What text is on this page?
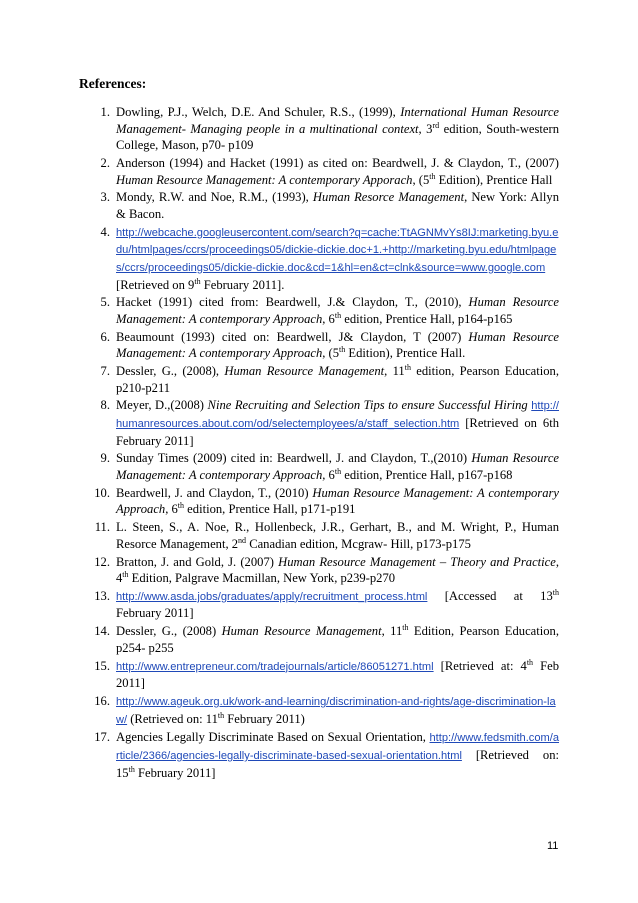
References:
1. Dowling, P.J., Welch, D.E. And Schuler, R.S., (1999), International Human Resource Management- Managing people in a multinational context, 3rd edition, South-western College, Mason, p70- p109
2. Anderson (1994) and Hacket (1991) as cited on: Beardwell, J. & Claydon, T., (2007) Human Resource Management: A contemporary Apporach, (5th Edition), Prentice Hall
3. Mondy, R.W. and Noe, R.M., (1993), Human Resorce Management, New York: Allyn & Bacon.
4. http://webcache.googleusercontent.com/search?q=cache:TtAGNMvYs8IJ:marketing.byu.edu/htmlpages/ccrs/proceedings05/dickie-dickie.doc+1.+http://marketing.byu.edu/htmlpages/ccrs/proceedings05/dickie-dickie.doc&cd=1&hl=en&ct=clnk&source=www.google.com [Retrieved on 9th February 2011].
5. Hacket (1991) cited from: Beardwell, J.& Claydon, T., (2010), Human Resource Management: A contemporary Approach, 6th edition, Prentice Hall, p164-p165
6. Beaumount (1993) cited on: Beardwell, J& Claydon, T (2007) Human Resource Management: A contemporary Approach, (5th Edition), Prentice Hall.
7. Dessler, G., (2008), Human Resource Management, 11th edition, Pearson Education, p210-p211
8. Meyer, D.,(2008) Nine Recruiting and Selection Tips to ensure Successful Hiring http://humanresources.about.com/od/selectemployees/a/staff_selection.htm [Retrieved on 6th February 2011]
9. Sunday Times (2009) cited in: Beardwell, J. and Claydon, T.,(2010) Human Resource Management: A contemporary Approach, 6th edition, Prentice Hall, p167-p168
10. Beardwell, J. and Claydon, T., (2010) Human Resource Management: A contemporary Approach, 6th edition, Prentice Hall, p171-p191
11. L. Steen, S., A. Noe, R., Hollenbeck, J.R., Gerhart, B., and M. Wright, P., Human Resorce Management, 2nd Canadian edition, Mcgraw- Hill, p173-p175
12. Bratton, J. and Gold, J. (2007) Human Resource Management – Theory and Practice, 4th Edition, Palgrave Macmillan, New York, p239-p270
13. http://www.asda.jobs/graduates/apply/recruitment_process.html [Accessed at 13th February 2011]
14. Dessler, G., (2008) Human Resource Management, 11th Edition, Pearson Education, p254- p255
15. http://www.entrepreneur.com/tradejournals/article/86051271.html [Retrieved at: 4th Feb 2011]
16. http://www.ageuk.org.uk/work-and-learning/discrimination-and-rights/age-discrimination-law/ (Retrieved on: 11th February 2011)
17. Agencies Legally Discriminate Based on Sexual Orientation, http://www.fedsmith.com/article/2366/agencies-legally-discriminate-based-sexual-orientation.html [Retrieved on: 15th February 2011]
11
